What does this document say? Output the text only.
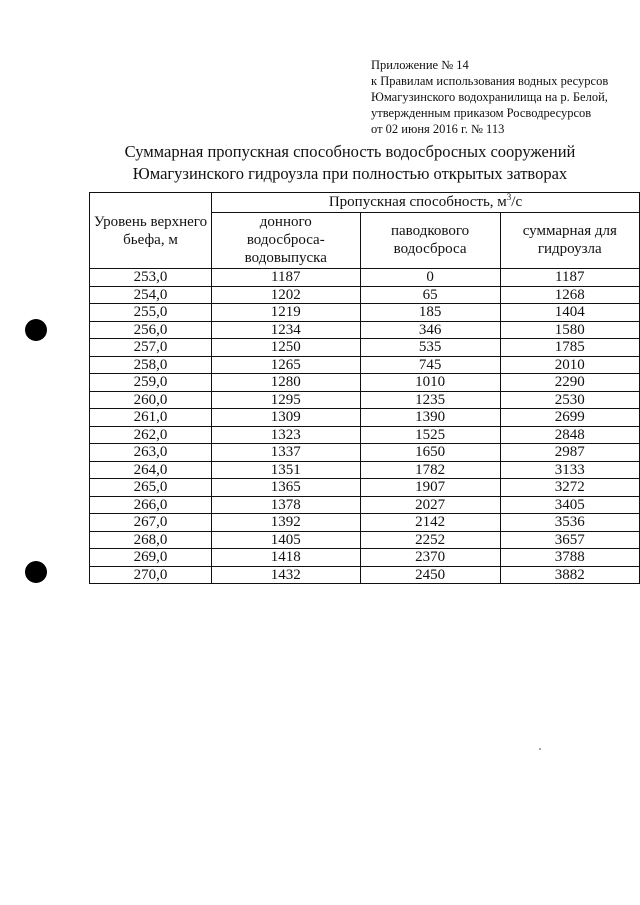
Приложение № 14
к Правилам использования водных ресурсов
Юмагузинского водохранилища на р. Белой,
утвержденным приказом Росводресурсов
от 02 июня 2016 г. № 113
Суммарная пропускная способность водосбросных сооружений
Юмагузинского гидроузла при полностью открытых затворах
Уровень верхнего бьефа, м	Пропускная способность, $м^3/с$		
	донного водосброса-водовыпуска	паводкового водосброса	суммарная для гидроузла
253,0	1187	0	1187
254,0	1202	65	1268
255,0	1219	185	1404
256,0	1234	346	1580
257,0	1250	535	1785
258,0	1265	745	2010
259,0	1280	1010	2290
260,0	1295	1235	2530
261,0	1309	1390	2699
262,0	1323	1525	2848
263,0	1337	1650	2987
264,0	1351	1782	3133
265,0	1365	1907	3272
266,0	1378	2027	3405
267,0	1392	2142	3536
268,0	1405	2252	3657
269,0	1418	2370	3788
270,0	1432	2450	3882
